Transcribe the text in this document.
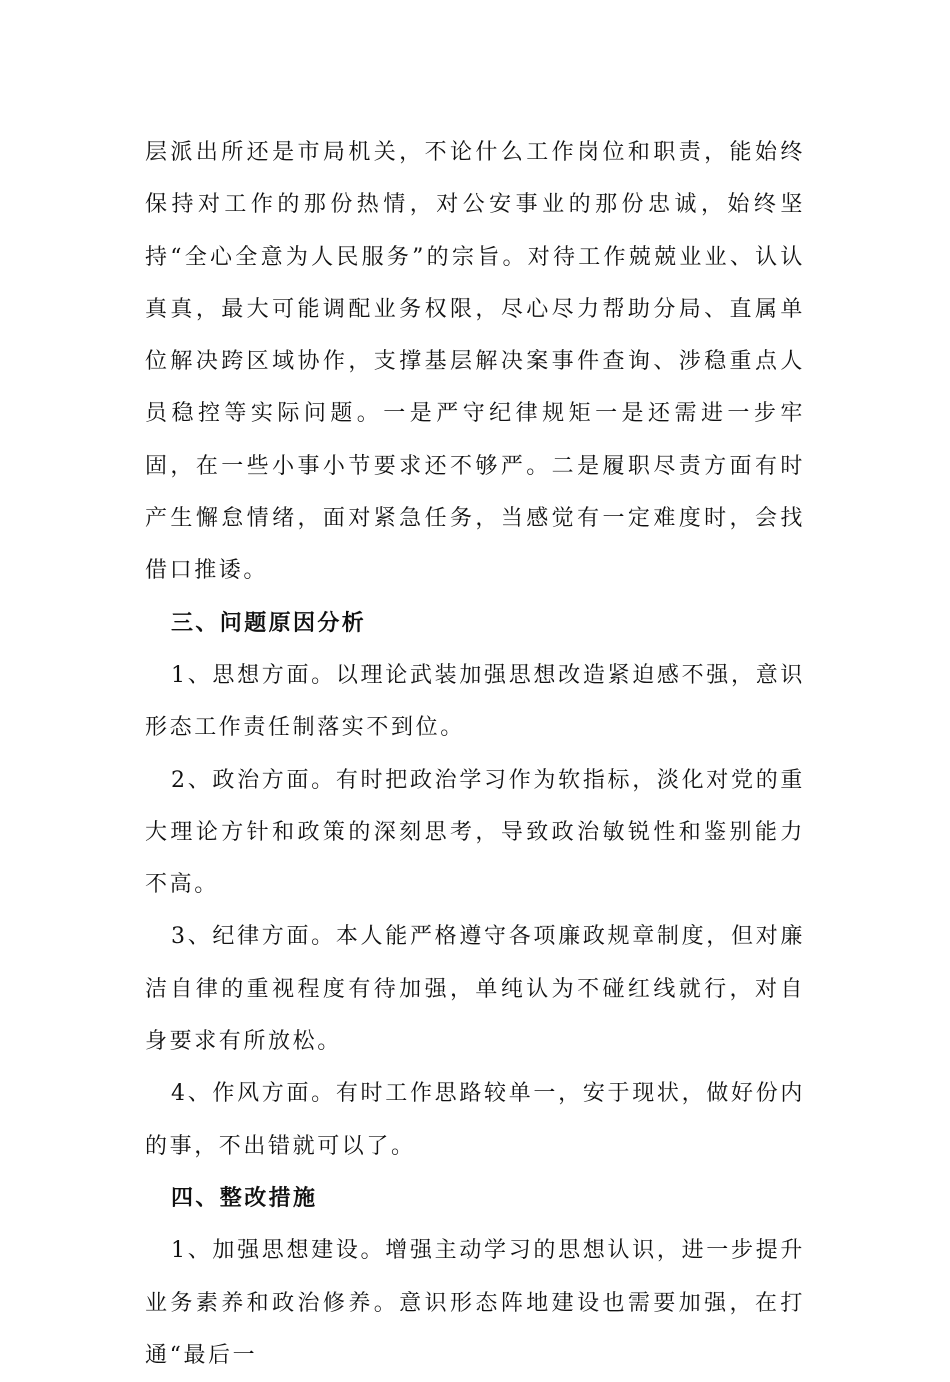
层派出所还是市局机关，不论什么工作岗位和职责，能始终保持对工作的那份热情，对公安事业的那份忠诚，始终坚持“全心全意为人民服务”的宗旨。对待工作兢兢业业、认认真真，最大可能调配业务权限，尽心尽力帮助分局、直属单位解决跨区域协作，支撑基层解决案事件查询、涉稳重点人员稳控等实际问题。一是严守纪律规矩一是还需进一步牢固，在一些小事小节要求还不够严。二是履职尽责方面有时产生懈怠情绪，面对紧急任务，当感觉有一定难度时，会找借口推诿。

三、问题原因分析

1、思想方面。以理论武装加强思想改造紧迫感不强，意识形态工作责任制落实不到位。

2、政治方面。有时把政治学习作为软指标，淡化对党的重大理论方针和政策的深刻思考，导致政治敏锐性和鉴别能力不高。

3、纪律方面。本人能严格遵守各项廉政规章制度，但对廉洁自律的重视程度有待加强，单纯认为不碰红线就行，对自身要求有所放松。

4、作风方面。有时工作思路较单一，安于现状，做好份内的事，不出错就可以了。

四、整改措施

1、加强思想建设。增强主动学习的思想认识，进一步提升业务素养和政治修养。意识形态阵地建设也需要加强，在打通“最后一
